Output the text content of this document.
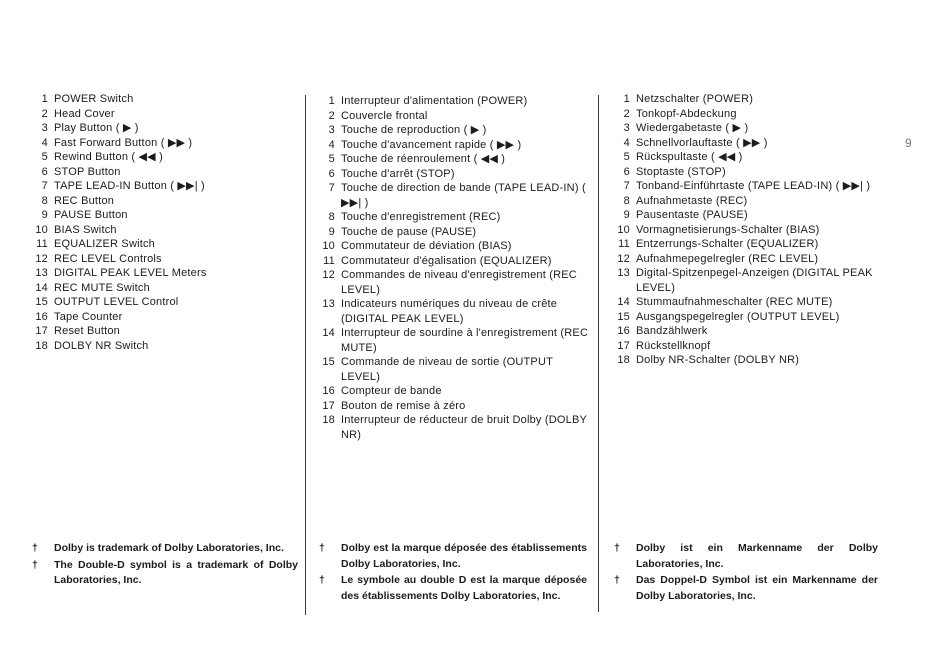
1 POWER Switch
2 Head Cover
3 Play Button ( ▶ )
4 Fast Forward Button ( ▶▶ )
5 Rewind Button ( ◀◀ )
6 STOP Button
7 TAPE LEAD-IN Button ( ▶▶| )
8 REC Button
9 PAUSE Button
10 BIAS Switch
11 EQUALIZER Switch
12 REC LEVEL Controls
13 DIGITAL PEAK LEVEL Meters
14 REC MUTE Switch
15 OUTPUT LEVEL Control
16 Tape Counter
17 Reset Button
18 DOLBY NR Switch
†	Dolby is trademark of Dolby Laboratories, Inc.
†	The Double-D symbol is a trademark of Dolby Laboratories, Inc.
1 Interrupteur d'alimentation (POWER)
2 Couvercle frontal
3 Touche de reproduction ( ▶ )
4 Touche d'avancement rapide ( ▶▶ )
5 Touche de réenroulement ( ◀◀ )
6 Touche d'arrêt (STOP)
7 Touche de direction de bande (TAPE LEAD-IN) ( ▶▶| )
8 Touche d'enregistrement (REC)
9 Touche de pause (PAUSE)
10 Commutateur de déviation (BIAS)
11 Commutateur d'égalisation (EQUALIZER)
12 Commandes de niveau d'enregistrement (REC LEVEL)
13 Indicateurs numériques du niveau de crête (DIGITAL PEAK LEVEL)
14 Interrupteur de sourdine à l'enregistrement (REC MUTE)
15 Commande de niveau de sortie (OUTPUT LEVEL)
16 Compteur de bande
17 Bouton de remise à zéro
18 Interrupteur de réducteur de bruit Dolby (DOLBY NR)
†	Dolby est la marque déposée des établissements Dolby Laboratories, Inc.
†	Le symbole au double D est la marque déposée des établissements Dolby Laboratories, Inc.
1 Netzschalter (POWER)
2 Tonkopf-Abdeckung
3 Wiedergabetaste ( ▶ )
4 Schnellvorlauftaste ( ▶▶ )
5 Rückspultaste ( ◀◀ )
6 Stoptaste (STOP)
7 Tonband-Einführtaste (TAPE LEAD-IN) ( ▶▶| )
8 Aufnahmetaste (REC)
9 Pausentaste (PAUSE)
10 Vormagnetisierungs-Schalter (BIAS)
11 Entzerrungs-Schalter (EQUALIZER)
12 Aufnahmepegelregler (REC LEVEL)
13 Digital-Spitzenpegel-Anzeigen (DIGITAL PEAK LEVEL)
14 Stummaufnahmeschalter (REC MUTE)
15 Ausgangspegelregler (OUTPUT LEVEL)
16 Bandzählwerk
17 Rückstellknopf
18 Dolby NR-Schalter (DOLBY NR)
†	Dolby ist ein Markenname der Dolby Laboratories, Inc.
†	Das Doppel-D Symbol ist ein Markenname der Dolby Laboratories, Inc.
9
